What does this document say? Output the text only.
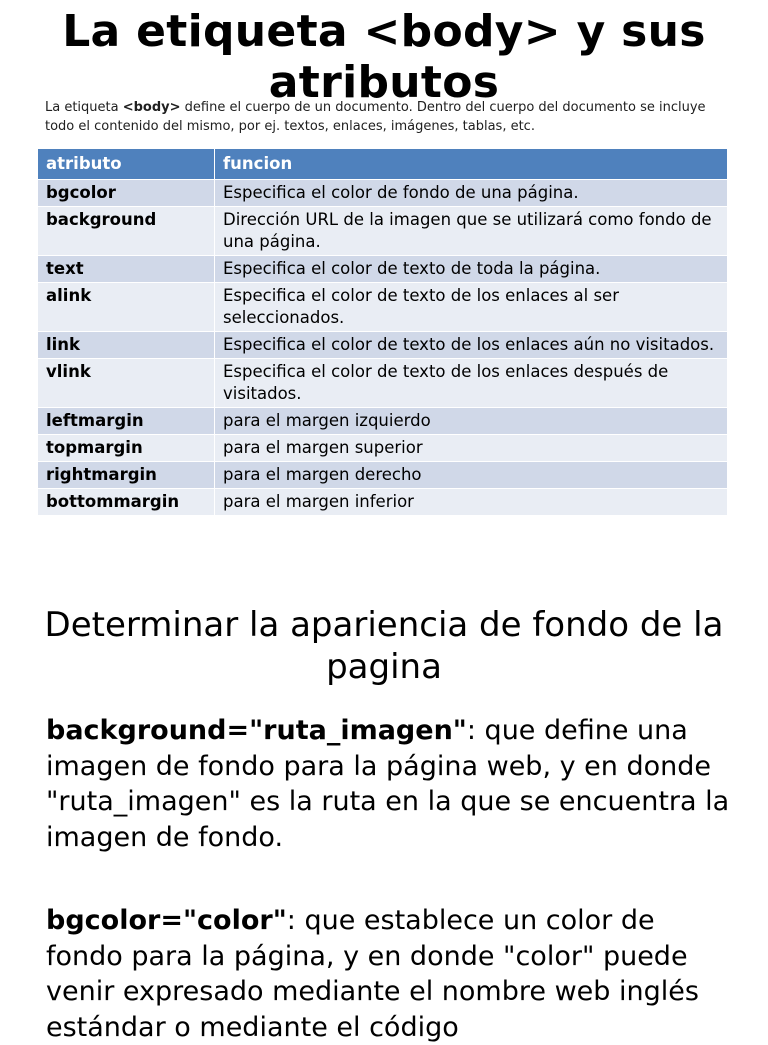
La etiqueta <body> y sus atributos
La etiqueta <body> define el cuerpo de un documento. Dentro del cuerpo del documento se incluye todo el contenido del mismo, por ej. textos, enlaces, imágenes, tablas, etc.
atributo	funcion
bgcolor	Especifica el color de fondo de una página.
background	Dirección URL de la imagen que se utilizará como fondo de una página.
text	Especifica el color de texto de toda la página.
alink	Especifica el color de texto de los enlaces al ser seleccionados.
link	Especifica el color de texto de los enlaces aún no visitados.
vlink	Especifica el color de texto de los enlaces después de visitados.
leftmargin	para el margen izquierdo
topmargin	para el margen superior
rightmargin	para el margen derecho
bottommargin	para el margen inferior
Determinar la apariencia de fondo de la pagina

background="ruta_imagen": que define una imagen de fondo para la página web, y en donde "ruta_imagen" es la ruta en la que se encuentra la imagen de fondo.

bgcolor="color": que establece un color de fondo para la página, y en donde "color" puede venir expresado mediante el nombre web inglés estándar o mediante el código
